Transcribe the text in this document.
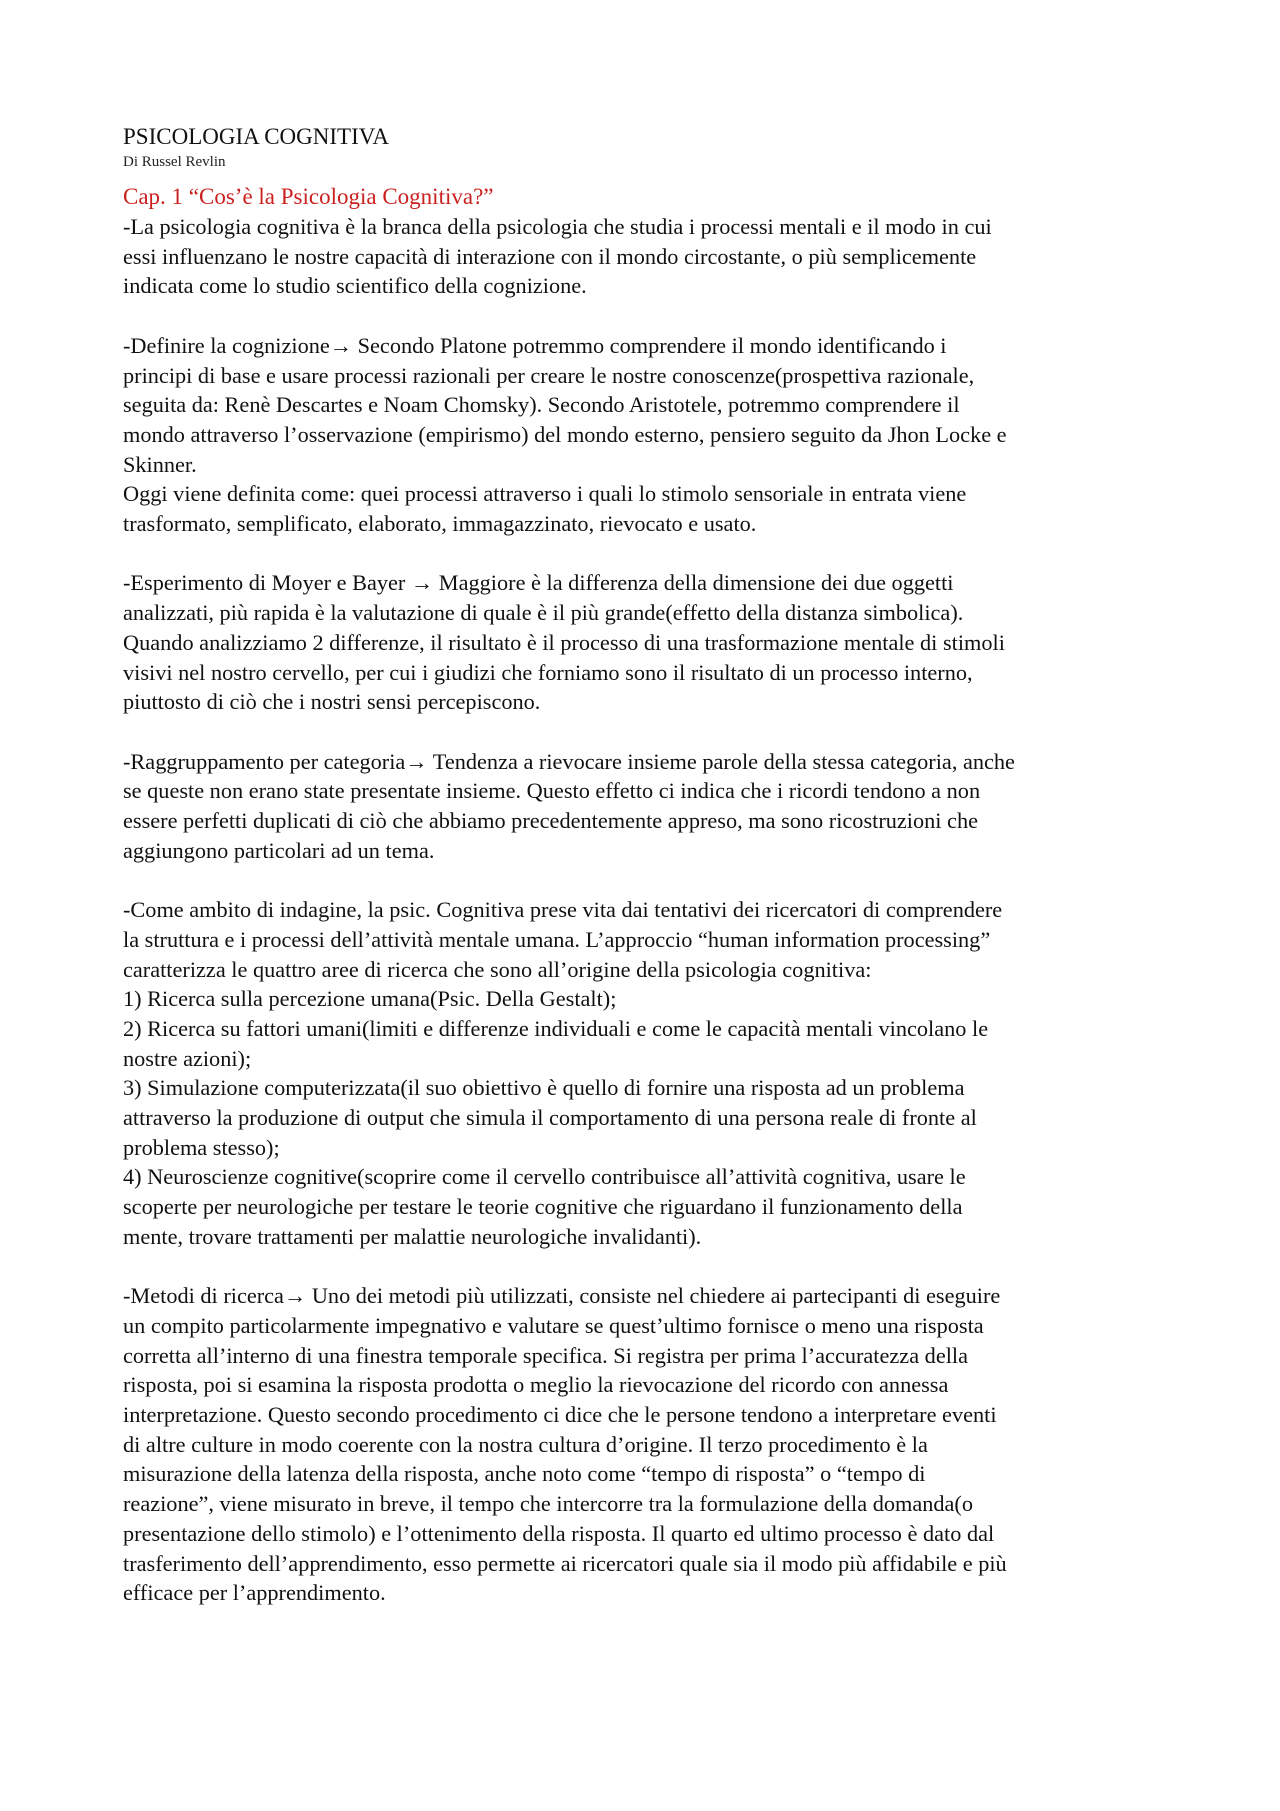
PSICOLOGIA COGNITIVA
Di Russel Revlin
Cap. 1 “Cos’è la Psicologia Cognitiva?”
-La psicologia cognitiva è la branca della psicologia che studia i processi mentali e il modo in cui
essi influenzano le nostre capacità di interazione con il mondo circostante, o più semplicemente
indicata come lo studio scientifico della cognizione.
-Definire la cognizione→ Secondo Platone potremmo comprendere il mondo identificando i
principi di base e usare processi razionali per creare le nostre conoscenze(prospettiva razionale,
seguita da: Renè Descartes e Noam Chomsky). Secondo Aristotele, potremmo comprendere il
mondo attraverso l’osservazione (empirismo) del mondo esterno, pensiero seguito da Jhon Locke e
Skinner.
Oggi viene definita come: quei processi attraverso i quali lo stimolo sensoriale in entrata viene
trasformato, semplificato, elaborato, immagazzinato, rievocato e usato.
-Esperimento di Moyer e Bayer → Maggiore è la differenza della dimensione dei due oggetti
analizzati, più rapida è la valutazione di quale è il più grande(effetto della distanza simbolica).
Quando analizziamo 2 differenze, il risultato è il processo di una trasformazione mentale di stimoli
visivi nel nostro cervello, per cui i giudizi che forniamo sono il risultato di un processo interno,
piuttosto di ciò che i nostri sensi percepiscono.
-Raggruppamento per categoria→ Tendenza a rievocare insieme parole della stessa categoria, anche
se queste non erano state presentate insieme. Questo effetto ci indica che i ricordi tendono a non
essere perfetti duplicati di ciò che abbiamo precedentemente appreso, ma sono ricostruzioni che
aggiungono particolari ad un tema.
-Come ambito di indagine, la psic. Cognitiva prese vita dai tentativi dei ricercatori di comprendere
la struttura e i processi dell’attività mentale umana. L’approccio “human information processing”
caratterizza le quattro aree di ricerca che sono all’origine della psicologia cognitiva:
1) Ricerca sulla percezione umana(Psic. Della Gestalt);
2) Ricerca su fattori umani(limiti e differenze individuali e come le capacità mentali vincolano le
nostre azioni);
3) Simulazione computerizzata(il suo obiettivo è quello di fornire una risposta ad un problema
attraverso la produzione di output che simula il comportamento di una persona reale di fronte al
problema stesso);
4) Neuroscienze cognitive(scoprire come il cervello contribuisce all’attività cognitiva, usare le
scoperte per neurologiche per testare le teorie cognitive che riguardano il funzionamento della
mente, trovare trattamenti per malattie neurologiche invalidanti).
-Metodi di ricerca→ Uno dei metodi più utilizzati, consiste nel chiedere ai partecipanti di eseguire
un compito particolarmente impegnativo e valutare se quest’ultimo fornisce o meno una risposta
corretta all’interno di una finestra temporale specifica. Si registra per prima l’accuratezza della
risposta, poi si esamina la risposta prodotta o meglio la rievocazione del ricordo con annessa
interpretazione. Questo secondo procedimento ci dice che le persone tendono a interpretare eventi
di altre culture in modo coerente con la nostra cultura d’origine. Il terzo procedimento è la
misurazione della latenza della risposta, anche noto come “tempo di risposta” o “tempo di
reazione”, viene misurato in breve, il tempo che intercorre tra la formulazione della domanda(o
presentazione dello stimolo) e l’ottenimento della risposta. Il quarto ed ultimo processo è dato dal
trasferimento dell’apprendimento, esso permette ai ricercatori quale sia il modo più affidabile e più
efficace per l’apprendimento.
